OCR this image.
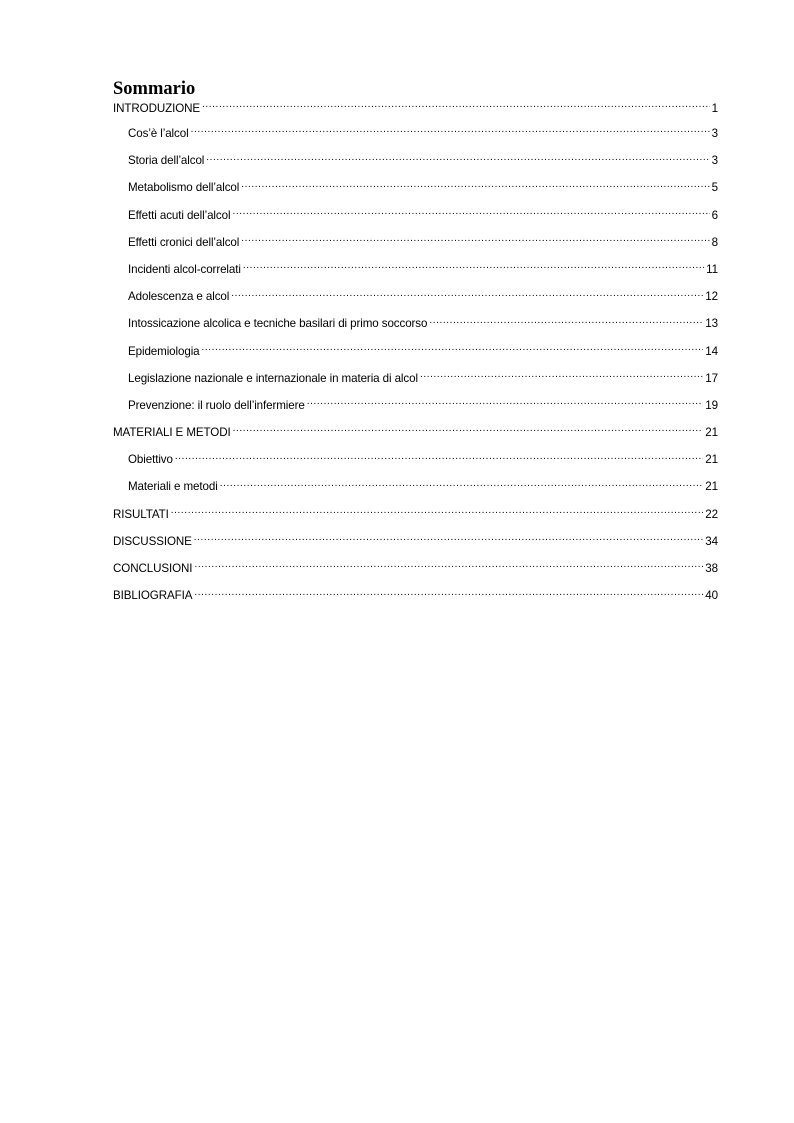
Sommario
INTRODUZIONE .....	1
Cos’è l’alcol .....	3
Storia dell’alcol .....	3
Metabolismo dell’alcol .....	5
Effetti acuti dell’alcol .....	6
Effetti cronici dell’alcol .....	8
Incidenti alcol-correlati .....	11
Adolescenza e alcol .....	12
Intossicazione alcolica e tecniche basilari di primo soccorso .....	13
Epidemiologia .....	14
Legislazione nazionale e internazionale in materia di alcol .....	17
Prevenzione: il ruolo dell’infermiere .....	19
MATERIALI E METODI .....	21
Obiettivo .....	21
Materiali e metodi .....	21
RISULTATI .....	22
DISCUSSIONE .....	34
CONCLUSIONI .....	38
BIBLIOGRAFIA .....	40
